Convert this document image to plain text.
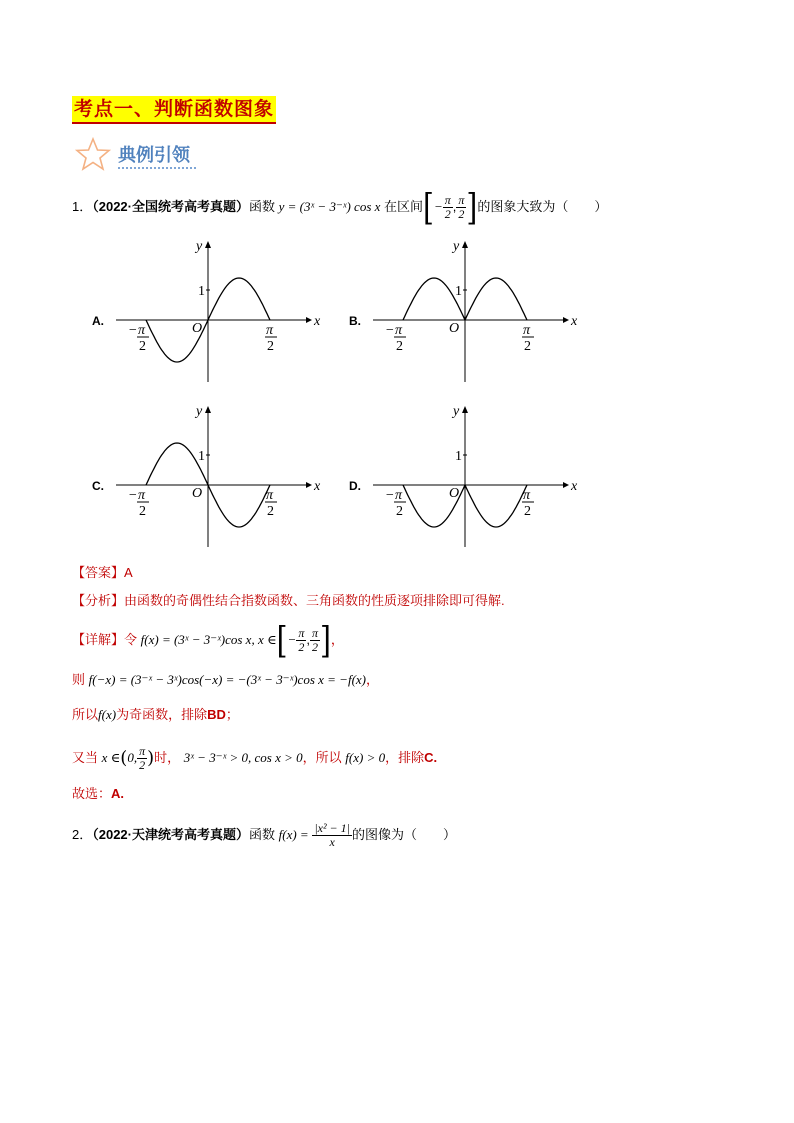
考点一、判断函数图象
典例引领
1．（2022·全国统考高考真题）函数 y = (3ˣ − 3⁻ˣ) cos x 在区间[− $\frac{\pi}{2}$ , $\frac{\pi}{2}$ ]的图象大致为（　　）
A.	x
y
O
1
− π
2
π
2
B.	x
y
O
1
− π
2
π
2
C.	x
y
O
1
− π
2
π
2
D.	x
y
O
1
− π
2
π
2
【答案】A
【分析】由函数的奇偶性结合指数函数、三角函数的性质逐项排除即可得解.
【详解】令 f(x) = (3ˣ − 3⁻ˣ)cos x, x ∈[− $\frac{\pi}{2}$ , $\frac{\pi}{2}$ ]，
则 f(−x) = (3⁻ˣ − 3ˣ)cos(−x) = −(3ˣ − 3⁻ˣ)cos x = −f(x)，
所以f(x)为奇函数，排除BD；
又当 x ∈(0, $\frac{\pi}{2}$ )时， 3ˣ − 3⁻ˣ > 0, cos x > 0，所以 f(x) > 0，排除C.
故选：A.
2．（2022·天津统考高考真题）函数 $f(x) = \frac{\text{|x² − 1|}}{x}$ 的图像为（　　）
